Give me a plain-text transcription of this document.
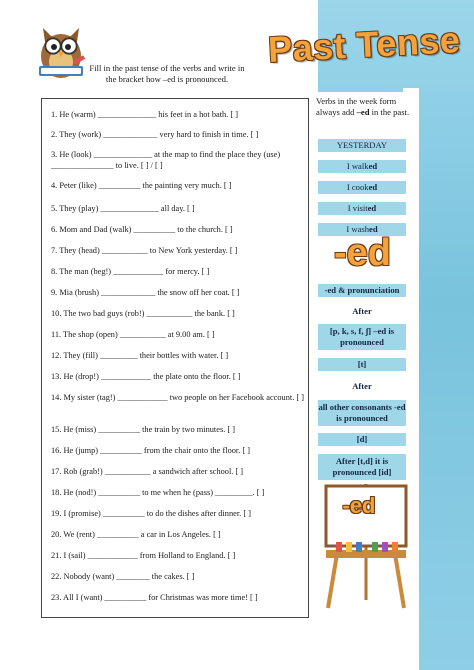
Fill in the past tense of the verbs and write in the bracket how –ed is pronounced.
1. He (warm) ______________ his feet in a hot bath. [ ]
2. They (work) _____________ very hard to finish in time. [ ]
3. He (look) ______________ at the map to find the place they (use) _______________ to live. [ ] / [ ]
4. Peter (like) __________ the painting very much. [ ]
5. They (play) ______________ all day. [ ]
6. Mom and Dad (walk) __________ to the church. [ ]
7. They (head) ___________ to New York yesterday. [ ]
8. The man (beg!) ____________ for mercy. [ ]
9. Mia (brush) _____________ the snow off her coat. [ ]
10. The two bad guys (rob!) ___________ the bank. [ ]
11. The shop (open) ___________ at 9.00 am. [ ]
12. They (fill) _________ their bottles with water. [ ]
13. He (drop!) ____________ the plate onto the floor. [ ]
14. My sister (tag!) ____________ two people on her Facebook account. [ ]
15. He (miss) __________ the train by two minutes. [ ]
16. He (jump) __________ from the chair onto the floor. [ ]
17. Rob (grab!) ___________ a sandwich after school. [ ]
18. He (nod!) __________ to me when he (pass) _________. [ ]
19. I (promise) __________ to do the dishes after dinner. [ ]
20. We (rent) __________ a car in Los Angeles. [ ]
21. I (sail) ____________ from Holland to England. [ ]
22. Nobody (want) ________ the cakes. [ ]
23. All I (want) __________ for Christmas was more time! [ ]
Past Tense
Verbs in the week form always add –ed in the past.
YESTERDAY
I walked
I cooked
I visited
I washed
-ed
-ed & pronunciation
After
[p, k, s, f, ʃ] –ed is pronounced
[t]
After
all other consonants -ed is pronounced
[d]
After [t,d] it is pronounced [id]
-ed
